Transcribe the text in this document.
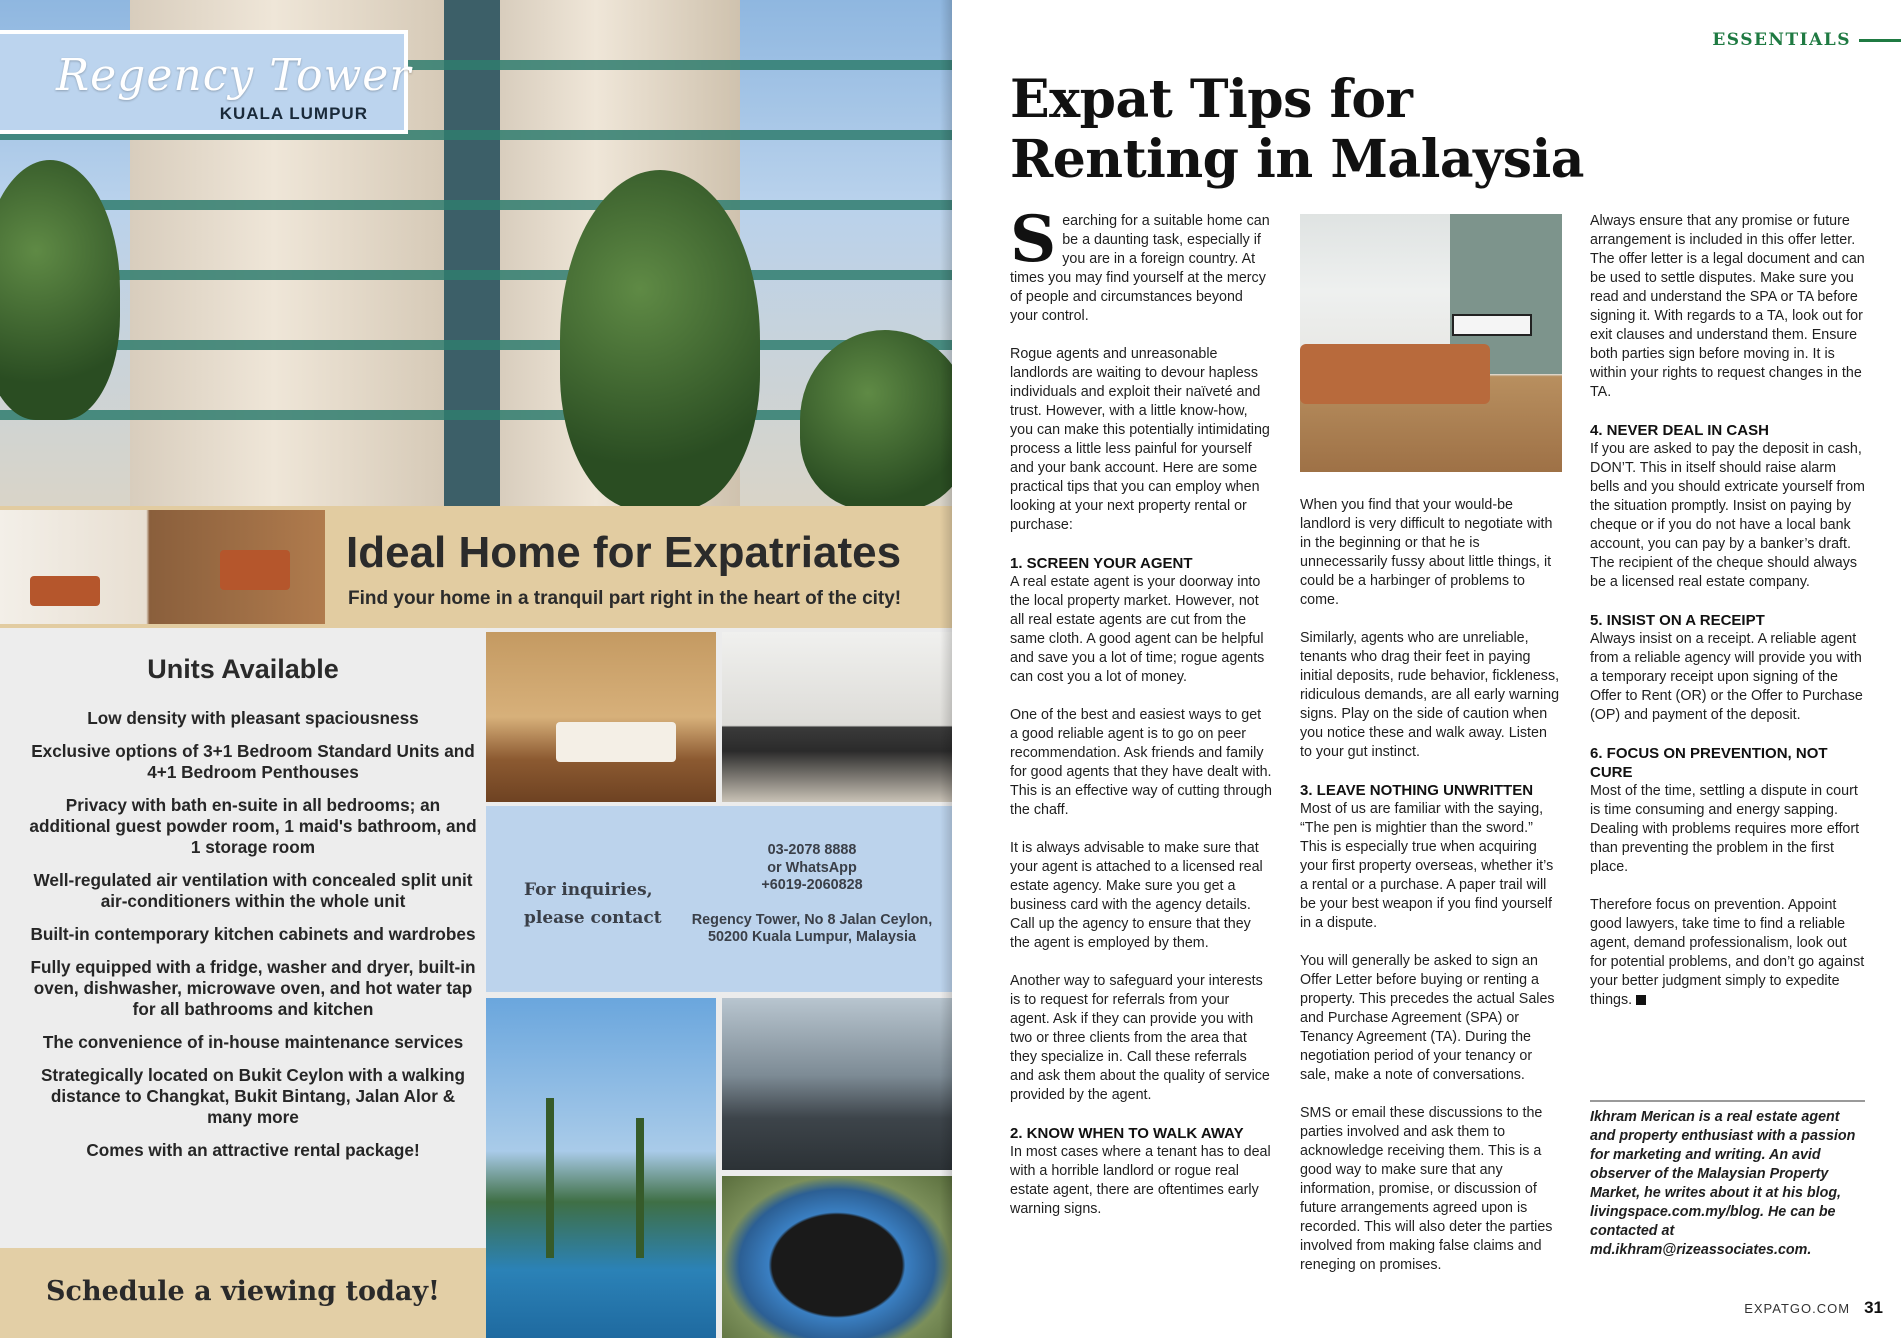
Regency Tower
KUALA LUMPUR
Ideal Home for Expatriates
Find your home in a tranquil part right in the heart of the city!
Units Available
Low density with pleasant spaciousness
Exclusive options of 3+1 Bedroom Standard Units and 4+1 Bedroom Penthouses
Privacy with bath en-suite in all bedrooms; an additional guest powder room, 1 maid's bathroom, and 1 storage room
Well-regulated air ventilation with concealed split unit air-conditioners within the whole unit
Built-in contemporary kitchen cabinets and wardrobes
Fully equipped with a fridge, washer and dryer, built-in oven, dishwasher, microwave oven, and hot water tap for all bathrooms and kitchen
The convenience of in-house maintenance services
Strategically located on Bukit Ceylon with a walking distance to Changkat, Bukit Bintang, Jalan Alor & many more
Comes with an attractive rental package!
Schedule a viewing today!
For inquiries, please contact
03-2078 8888
or WhatsApp
+6019-2060828
Regency Tower, No 8 Jalan Ceylon, 50200 Kuala Lumpur, Malaysia
ESSENTIALS
Expat Tips for Renting in Malaysia

Searching for a suitable home can be a daunting task, especially if you are in a foreign country. At times you may find yourself at the mercy of people and circumstances beyond your control.

Rogue agents and unreasonable landlords are waiting to devour hapless individuals and exploit their naïveté and trust. However, with a little know-how, you can make this potentially intimidating process a little less painful for yourself and your bank account. Here are some practical tips that you can employ when looking at your next property rental or purchase:

1. SCREEN YOUR AGENT

A real estate agent is your doorway into the local property market. However, not all real estate agents are cut from the same cloth. A good agent can be helpful and save you a lot of time; rogue agents can cost you a lot of money.

One of the best and easiest ways to get a good reliable agent is to go on peer recommendation. Ask friends and family for good agents that they have dealt with. This is an effective way of cutting through the chaff.

It is always advisable to make sure that your agent is attached to a licensed real estate agency. Make sure you get a business card with the agency details. Call up the agency to ensure that they the agent is employed by them.

Another way to safeguard your interests is to request for referrals from your agent. Ask if they can provide you with two or three clients from the area that they specialize in. Call these referrals and ask them about the quality of service provided by the agent.

2. KNOW WHEN TO WALK AWAY

In most cases where a tenant has to deal with a horrible landlord or rogue real estate agent, there are oftentimes early warning signs.

When you find that your would-be landlord is very difficult to negotiate with in the beginning or that he is unnecessarily fussy about little things, it could be a harbinger of problems to come.

Similarly, agents who are unreliable, tenants who drag their feet in paying initial deposits, rude behavior, fickleness, ridiculous demands, are all early warning signs. Play on the side of caution when you notice these and walk away. Listen to your gut instinct.

3. LEAVE NOTHING UNWRITTEN

Most of us are familiar with the saying, “The pen is mightier than the sword.” This is especially true when acquiring your first property overseas, whether it’s a rental or a purchase. A paper trail will be your best weapon if you find yourself in a dispute.

You will generally be asked to sign an Offer Letter before buying or renting a property. This precedes the actual Sales and Purchase Agreement (SPA) or Tenancy Agreement (TA). During the negotiation period of your tenancy or sale, make a note of conversations.

SMS or email these discussions to the parties involved and ask them to acknowledge receiving them. This is a good way to make sure that any information, promise, or discussion of future arrangements agreed upon is recorded. This will also deter the parties involved from making false claims and reneging on promises.

Always ensure that any promise or future arrangement is included in this offer letter. The offer letter is a legal document and can be used to settle disputes. Make sure you read and understand the SPA or TA before signing it. With regards to a TA, look out for exit clauses and understand them. Ensure both parties sign before moving in. It is within your rights to request changes in the TA.

4. NEVER DEAL IN CASH

If you are asked to pay the deposit in cash, DON’T. This in itself should raise alarm bells and you should extricate yourself from the situation promptly. Insist on paying by cheque or if you do not have a local bank account, you can pay by a banker’s draft. The recipient of the cheque should always be a licensed real estate company.

5. INSIST ON A RECEIPT

Always insist on a receipt. A reliable agent from a reliable agency will provide you with a temporary receipt upon signing of the Offer to Rent (OR) or the Offer to Purchase (OP) and payment of the deposit.

6. FOCUS ON PREVENTION, NOT CURE

Most of the time, settling a dispute in court is time consuming and energy sapping. Dealing with problems requires more effort than preventing the problem in the first place.

Therefore focus on prevention. Appoint good lawyers, take time to find a reliable agent, demand professionalism, look out for potential problems, and don’t go against your better judgment simply to expedite things.

Ikhram Merican is a real estate agent and property enthusiast with a passion for marketing and writing. An avid observer of the Malaysian Property Market, he writes about it at his blog, livingspace.com.my/blog. He can be contacted at md.ikhram@rizeassociates.com.
EXPATGO.COM 31
